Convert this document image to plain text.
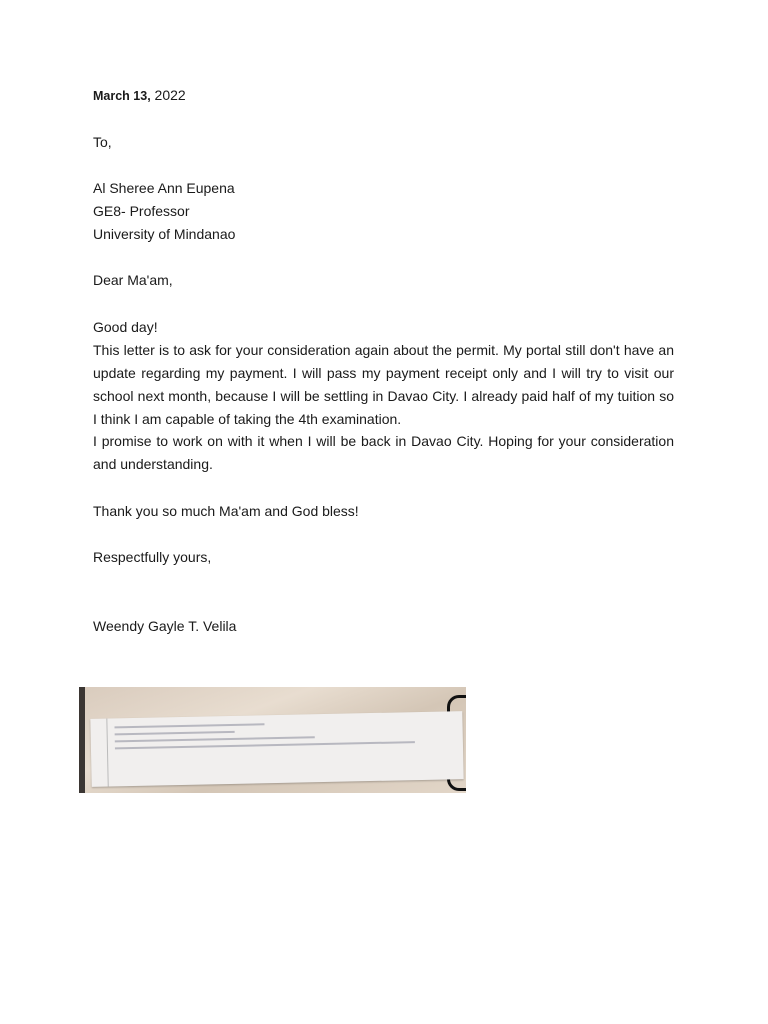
March 13, 2022
To,
Al Sheree Ann Eupena
GE8- Professor
University of Mindanao
Dear Ma'am,
Good day!
This letter is to ask for your consideration again about the permit. My portal still don't have an update regarding my payment. I will pass my payment receipt only and I will try to visit our school next month, because I will be settling in Davao City. I already paid half of my tuition so I think I am capable of taking the 4th examination.
I promise to work on with it when I will be back in Davao City. Hoping for your consideration and understanding.
Thank you so much Ma'am and God bless!
Respectfully yours,
Weendy Gayle T. Velila
